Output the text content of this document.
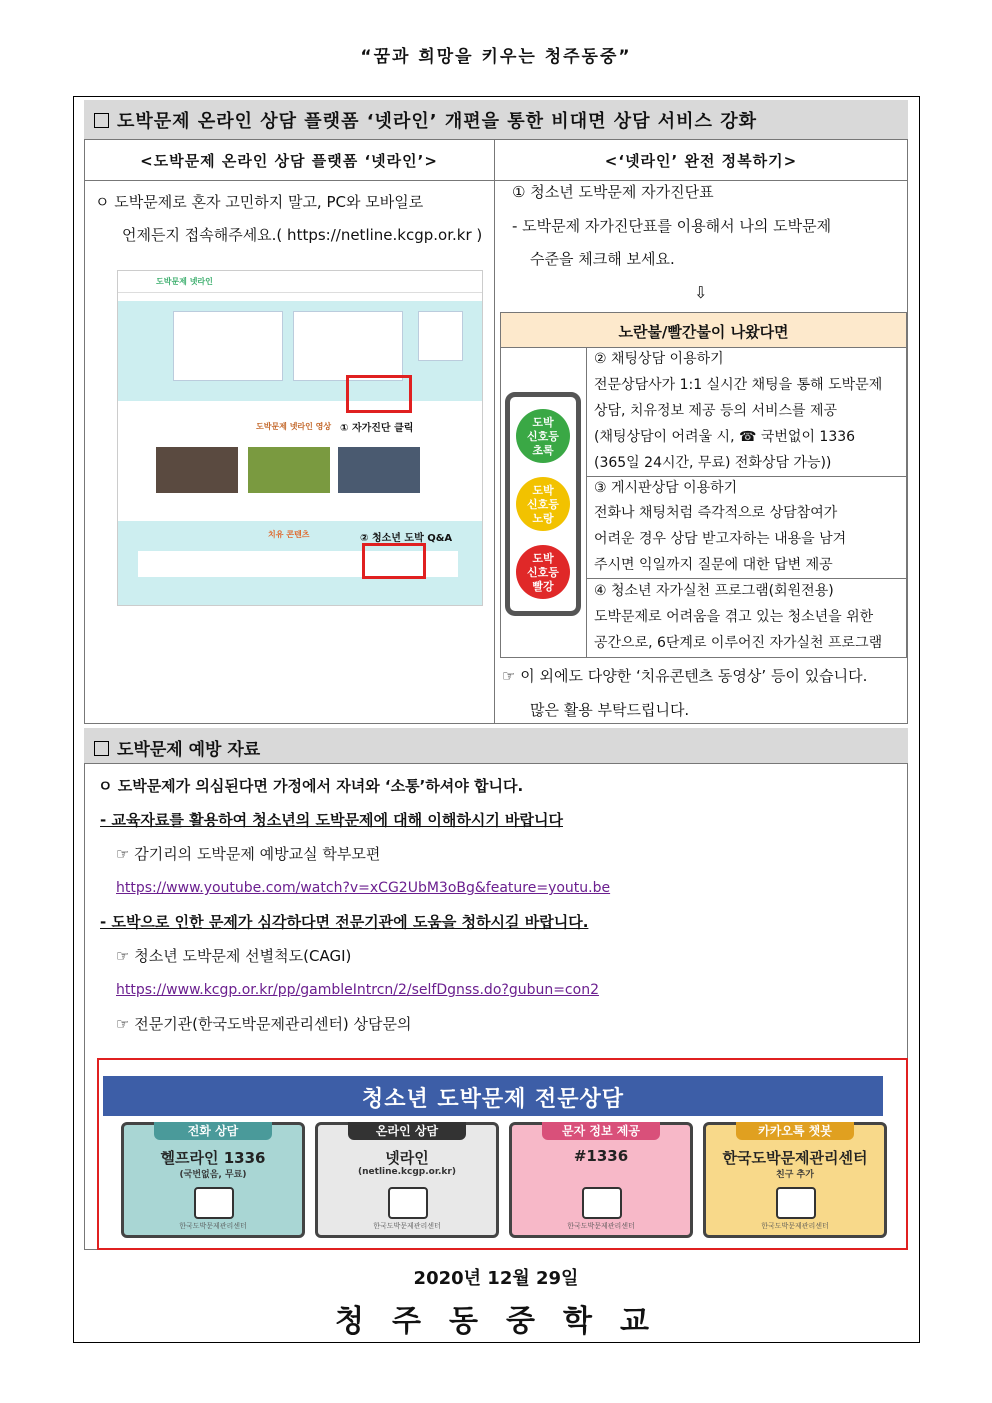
“꿈과 희망을 키우는 청주동중”
도박문제 온라인 상담 플랫폼 ‘넷라인’ 개편을 통한 비대면 상담 서비스 강화
<도박문제 온라인 상담 플랫폼 ‘넷라인’>	<‘넷라인’ 완전 정복하기>
ㅇ 도박문제로 혼자 고민하지 말고, PC와 모바일로
언제든지 접속해주세요.( https://netline.kcgp.or.kr )
도박문제 넷라인
① 자가진단 클릭
도박문제 넷라인 영상
치유 콘텐츠	② 청소년 도박 Q&A
① 청소년 도박문제 자가진단표
- 도박문제 자가진단표를 이용해서 나의 도박문제
수준을 체크해 보세요.
⇩
노란불/빨간불이 나왔다면
도박
신호등
초록
도박
신호등
노랑
도박
신호등
빨강
② 채팅상담 이용하기
전문상담사가 1:1 실시간 채팅을 통해 도박문제
상담, 치유정보 제공 등의 서비스를 제공
(채팅상담이 어려울 시, ☎ 국번없이 1336
(365일 24시간, 무료) 전화상담 가능))
③ 게시판상담 이용하기
전화나 채팅처럼 즉각적으로 상담참여가
어려운 경우 상담 받고자하는 내용을 남겨
주시면 익일까지 질문에 대한 답변 제공
④ 청소년 자가실천 프로그램(회원전용)
도박문제로 어려움을 겪고 있는 청소년을 위한
공간으로, 6단계로 이루어진 자가실천 프로그램
☞ 이 외에도 다양한 ‘치유콘텐츠 동영상’ 등이 있습니다.
많은 활용 부탁드립니다.
도박문제 예방 자료
ㅇ 도박문제가 의심된다면 가정에서 자녀와 ‘소통’하셔야 합니다.
- 교육자료를 활용하여 청소년의 도박문제에 대해 이해하시기 바랍니다
☞ 감기리의 도박문제 예방교실 학부모편
https://www.youtube.com/watch?v=xCG2UbM3oBg&feature=youtu.be
- 도박으로 인한 문제가 심각하다면 전문기관에 도움을 청하시길 바랍니다.
☞ 청소년 도박문제 선별척도(CAGI)
https://www.kcgp.or.kr/pp/gambleIntrcn/2/selfDgnss.do?gubun=con2
☞ 전문기관(한국도박문제관리센터) 상담문의
청소년 도박문제 전문상담
전화 상담
헬프라인 1336
(국번없음, 무료)
한국도박문제관리센터
온라인 상담
넷라인
(netline.kcgp.or.kr)
한국도박문제관리센터
문자 정보 제공
#1336
한국도박문제관리센터
카카오톡 챗봇
한국도박문제관리센터
친구 추가
한국도박문제관리센터
2020년 12월 29일
청주동중학교
